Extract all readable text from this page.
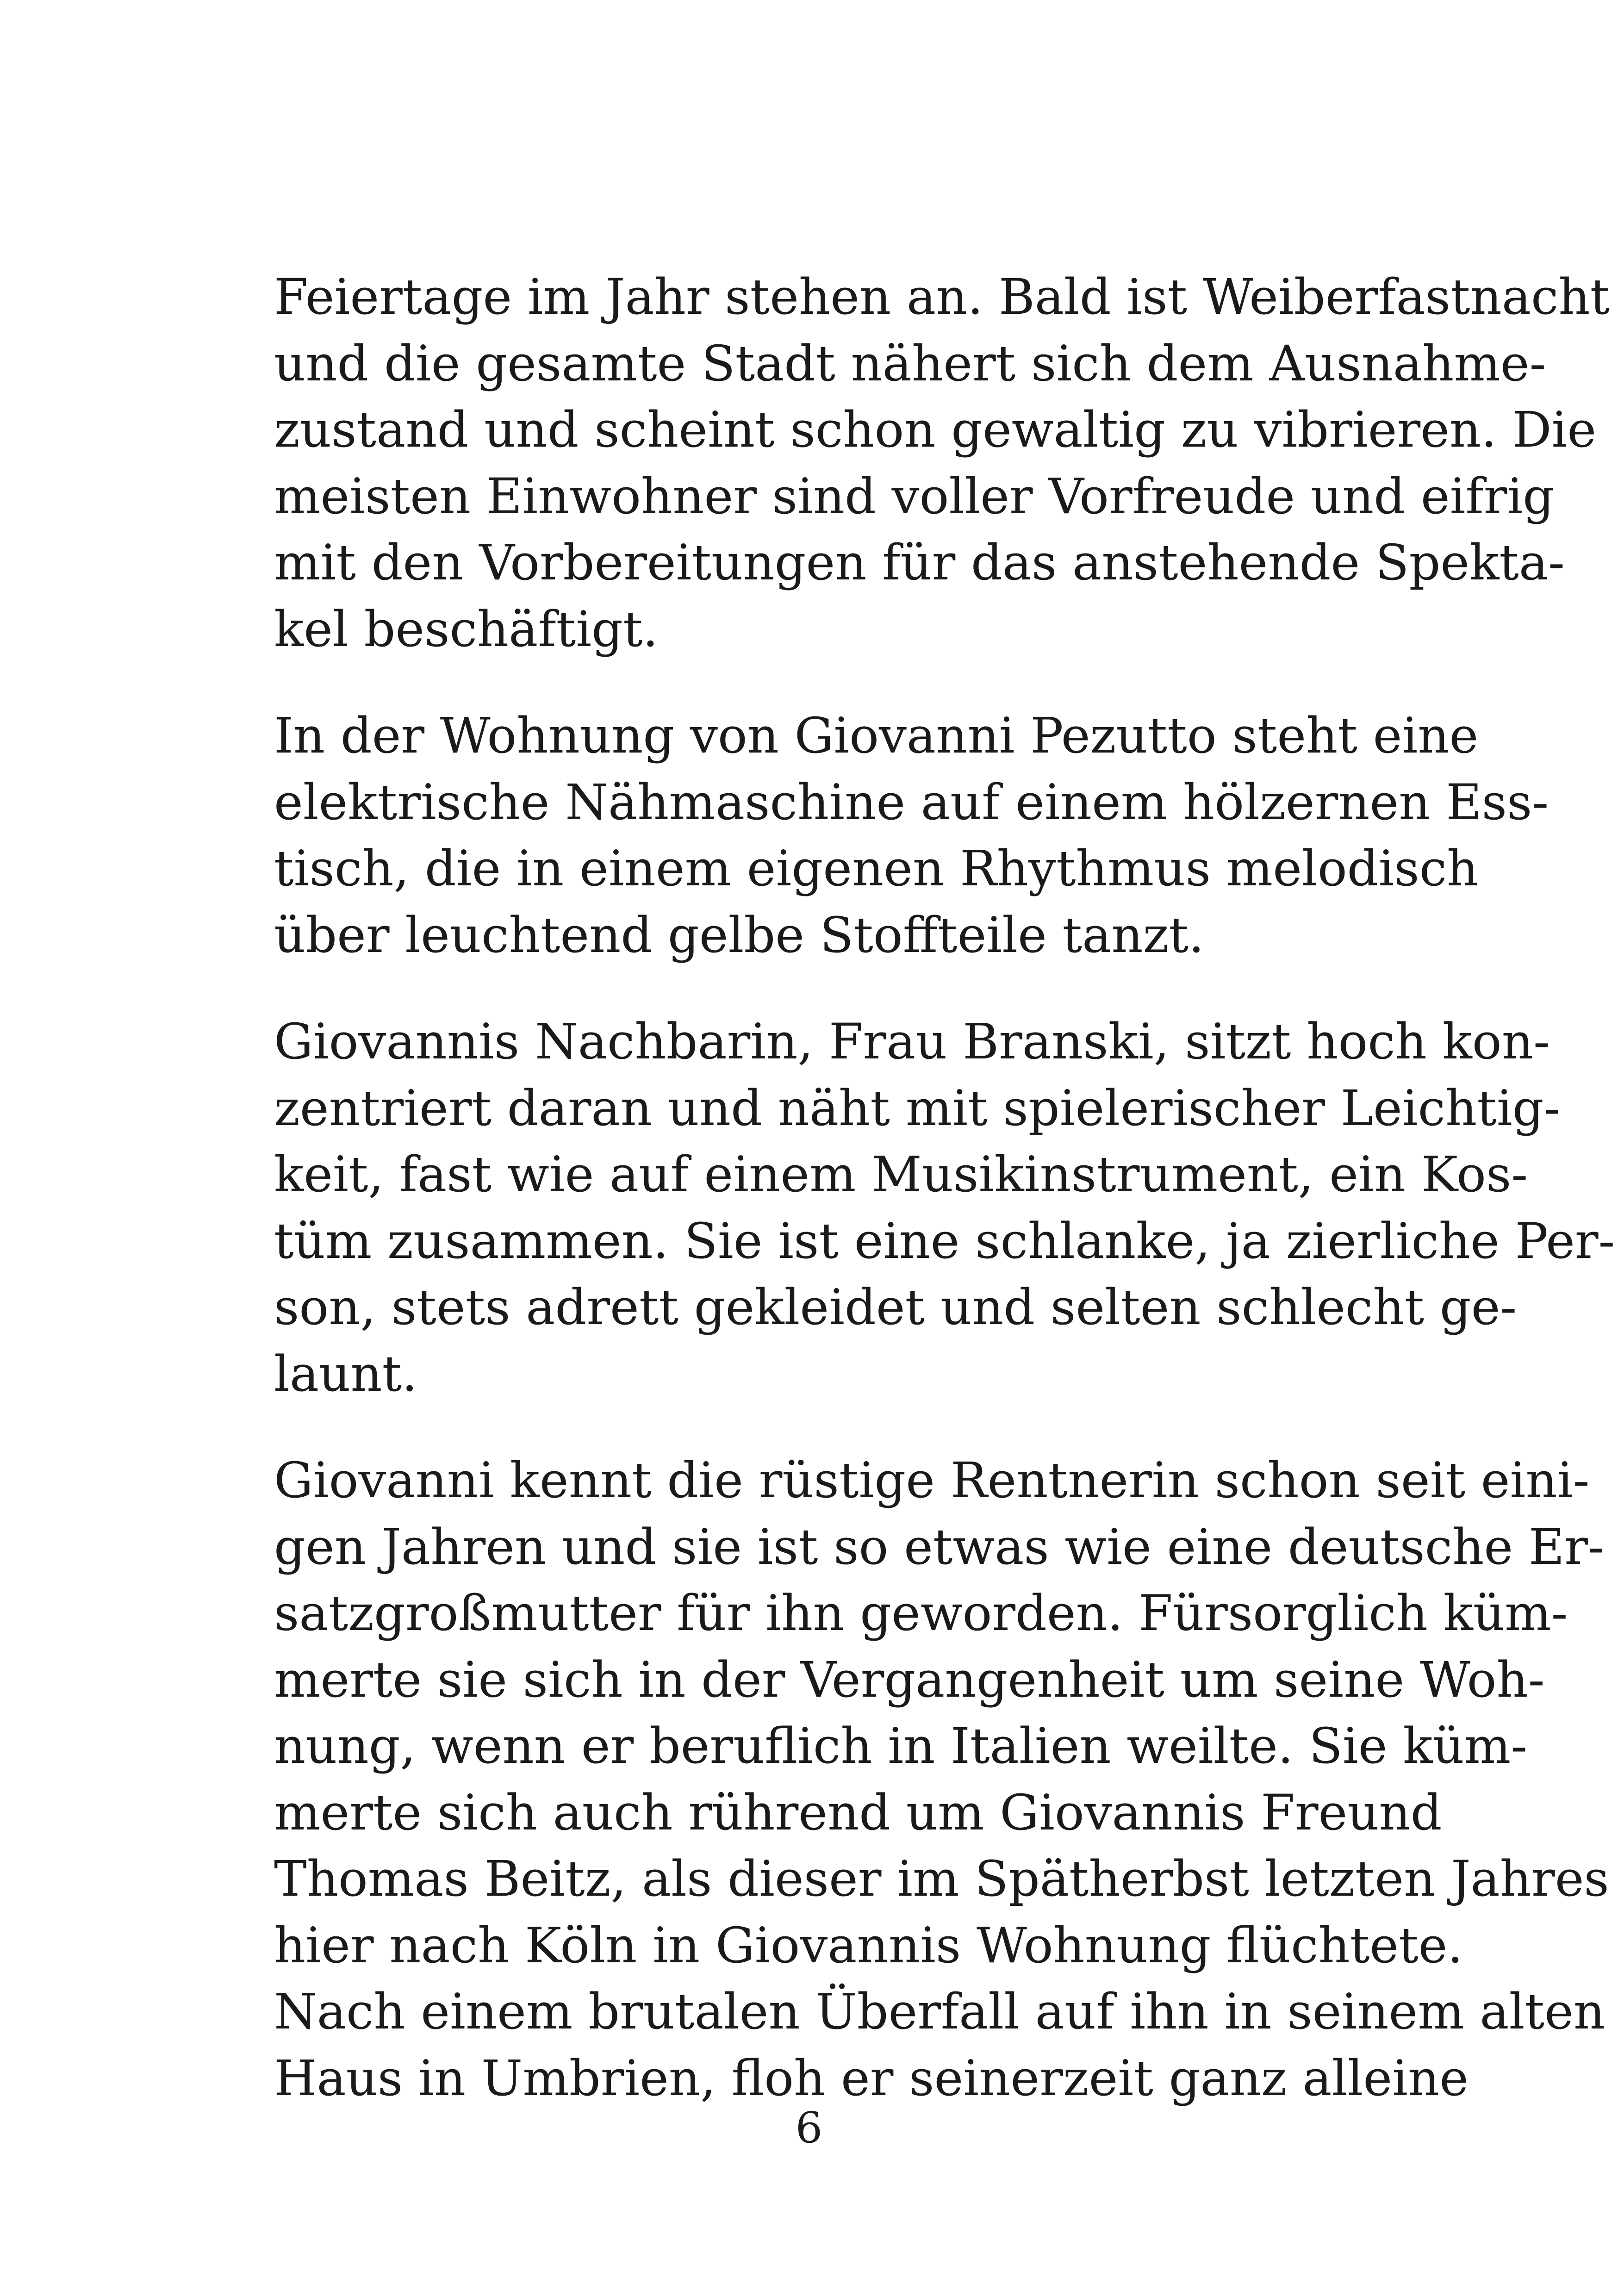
Feiertage im Jahr stehen an. Bald ist Weiberfastnacht
und die gesamte Stadt nähert sich dem Ausnahme-
zustand und scheint schon gewaltig zu vibrieren. Die
meisten Einwohner sind voller Vorfreude und eifrig
mit den Vorbereitungen für das anstehende Spekta-
kel beschäftigt.
In der Wohnung von Giovanni Pezutto steht eine
elektrische Nähmaschine auf einem hölzernen Ess-
tisch, die in einem eigenen Rhythmus melodisch
über leuchtend gelbe Stoffteile tanzt.
Giovannis Nachbarin, Frau Branski, sitzt hoch kon-
zentriert daran und näht mit spielerischer Leichtig-
keit, fast wie auf einem Musikinstrument, ein Kos-
tüm zusammen. Sie ist eine schlanke, ja zierliche Per-
son, stets adrett gekleidet und selten schlecht ge-
launt.
Giovanni kennt die rüstige Rentnerin schon seit eini-
gen Jahren und sie ist so etwas wie eine deutsche Er-
satzgroßmutter für ihn geworden. Fürsorglich küm-
merte sie sich in der Vergangenheit um seine Woh-
nung, wenn er beruflich in Italien weilte. Sie küm-
merte sich auch rührend um Giovannis Freund
Thomas Beitz, als dieser im Spätherbst letzten Jahres
hier nach Köln in Giovannis Wohnung flüchtete.
Nach einem brutalen Überfall auf ihn in seinem alten
Haus in Umbrien, floh er seinerzeit ganz alleine
6
